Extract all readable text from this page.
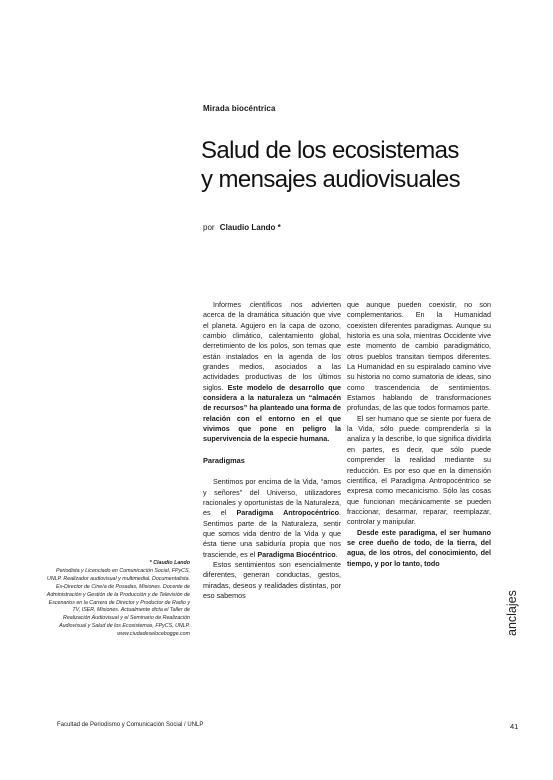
Mirada biocéntrica
Salud de los ecosistemas
y mensajes audiovisuales
por Claudio Lando *

Informes científicos nos advierten acerca de la dramática situación que vive el planeta. Agujero en la capa de ozono, cambio climático, calentamiento global, derretimiento de los polos, son temas que están instalados en la agenda de los grandes medios, asociados a las actividades productivas de los últimos siglos. Este modelo de desarrollo que considera a la naturaleza un “almacén de recursos” ha planteado una forma de relación con el entorno en el que vivimos que pone en peligro la supervivencia de la especie humana.

Paradigmas

Sentimos por encima de la Vida, “amos y señores” del Universo, utilizadores racionales y oportunistas de la Naturaleza, es el Paradigma Antropocéntrico. Sentimos parte de la Naturaleza, sentir que somos vida dentro de la Vida y que ésta tiene una sabiduría propia que nos trasciende, es el Paradigma Biocéntrico.

Estos sentimientos son esencialmente diferentes, generan conductas, gestos, miradas, deseos y realidades distintas, por eso sabemos

que aunque pueden coexistir, no son complementarios. En la Humanidad coexisten diferentes paradigmas. Aunque su historia es una sola, mientras Occidente vive este momento de cambio paradigmático, otros pueblos transitan tiempos diferentes. La Humanidad en su espiralado camino vive su historia no como sumatoria de ideas, sino como trascendencia de sentimientos. Estamos hablando de transformaciones profundas, de las que todos formamos parte.

El ser humano que se siente por fuera de la Vida, sólo puede comprenderla si la analiza y la describe, lo que significa dividirla en partes, es decir, que sólo puede comprender la realidad mediante su reducción. Es por eso que en la dimensión científica, el Paradigma Antropocéntrico se expresa como mecanicismo. Sólo las cosas que funcionan mecánicamente se pueden fraccionar, desarmar, reparar, reemplazar, controlar y manipular.

Desde este paradigma, el ser humano se cree dueño de todo, de la tierra, del agua, de los otros, del conocimiento, del tiempo, y por lo tanto, todo

* Claudio Lando

Periodista y Licenciado en Comunicación Social, FPyCS, UNLP. Realizador audiovisual y multimedial. Documentalista. Ex-Director de Cine/a de Posadas, Misiones. Docente de Administración y Gestión de la Producción y de Televisión de Escenarios en la Carrera de Director y Productor de Radio y TV, ISER, Misiones. Actualmente dicta el Taller de Realización Audiovisual y el Seminario de Realización Audiovisual y Salud de los Ecosistemas, FPyCS, UNLP. www.ciudadeselocebogge.com	anclajes
Facultad de Periodismo y Comunicación Social / UNLP	41
